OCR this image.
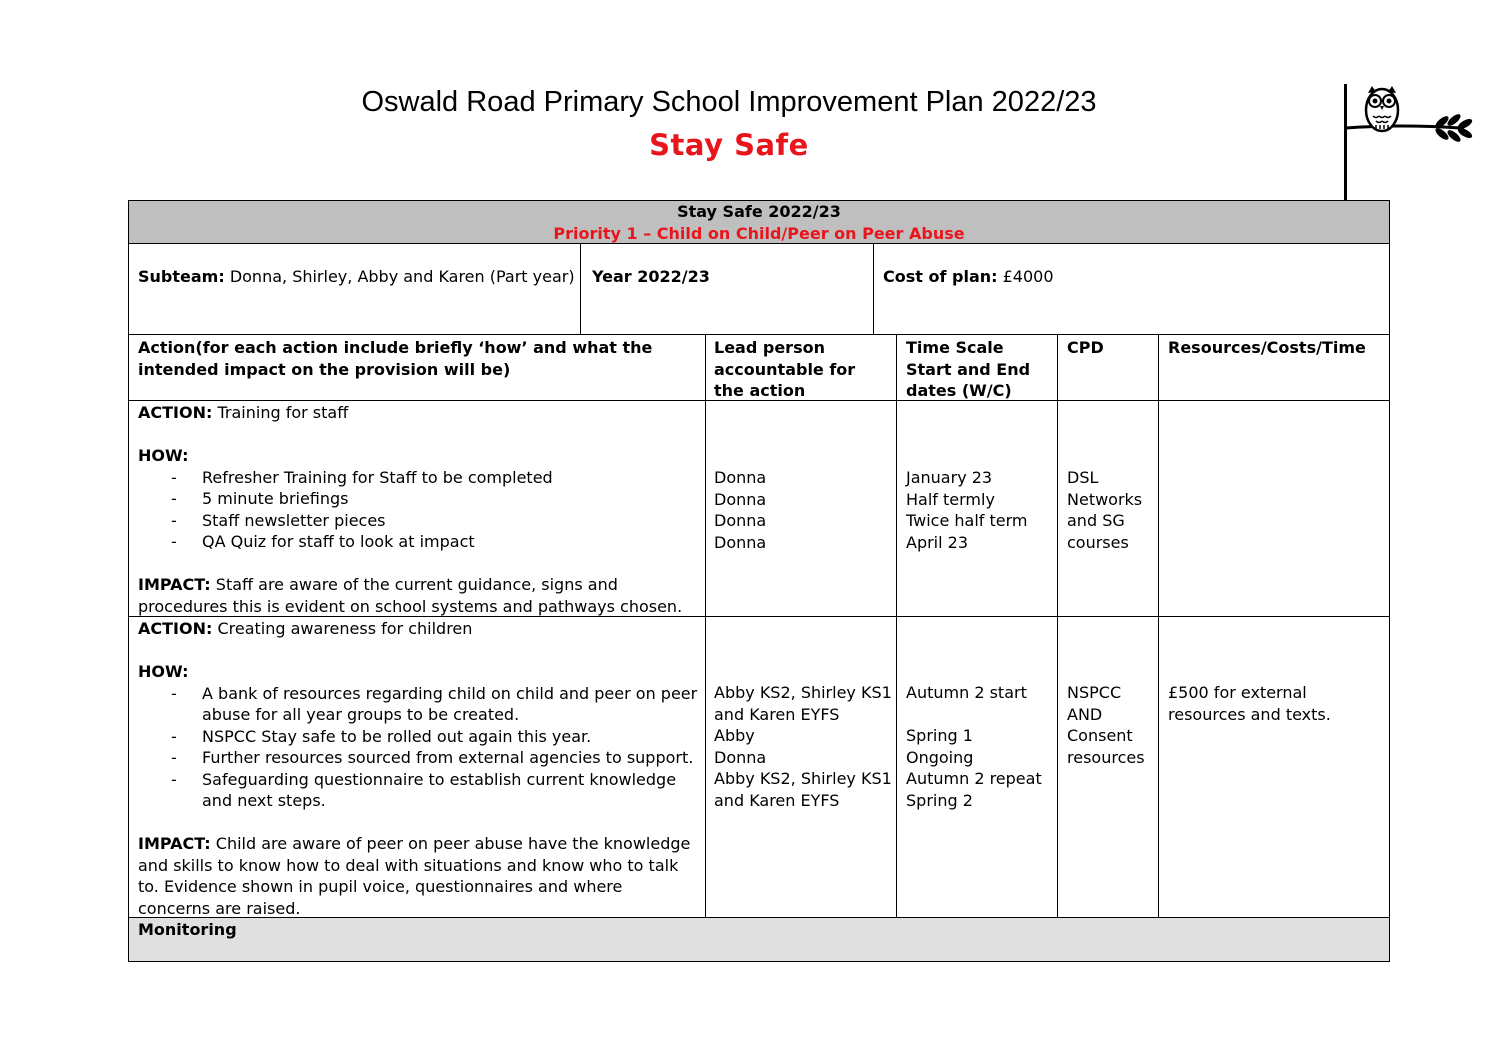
Oswald Road Primary School Improvement Plan 2022/23
Stay Safe
Stay Safe 2022/23
Priority 1 – Child on Child/Peer on Peer Abuse
Subteam: Donna, Shirley, Abby and Karen (Part year) Year 2022/23	Cost of plan: £4000
Action(for each action include briefly ‘how’ and what the intended impact on the provision will be)
Lead person accountable for the action
Time Scale Start and End dates (W/C)
CPD	Resources/Costs/Time
ACTION: Training for staff
HOW:
- Refresher Training for Staff to be completed
- 5 minute briefings
- Staff newsletter pieces
- QA Quiz for staff to look at impact
IMPACT: Staff are aware of the current guidance, signs and procedures this is evident on school systems and pathways chosen.
Donna
Donna
Donna
Donna
January 23
Half termly
Twice half term
April 23
DSL Networks and SG courses
ACTION: Creating awareness for children
HOW:
- A bank of resources regarding child on child and peer on peer abuse for all year groups to be created.
- NSPCC Stay safe to be rolled out again this year.
- Further resources sourced from external agencies to support.
- Safeguarding questionnaire to establish current knowledge and next steps.
IMPACT: Child are aware of peer on peer abuse have the knowledge and skills to know how to deal with situations and know who to talk to. Evidence shown in pupil voice, questionnaires and where concerns are raised.
Abby KS2, Shirley KS1 and Karen EYFS
Abby
Donna
Abby KS2, Shirley KS1 and Karen EYFS
Autumn 2 start
Spring 1
Ongoing
Autumn 2 repeat
Spring 2
NSPCC AND Consent resources
£500 for external resources and texts.
Monitoring
